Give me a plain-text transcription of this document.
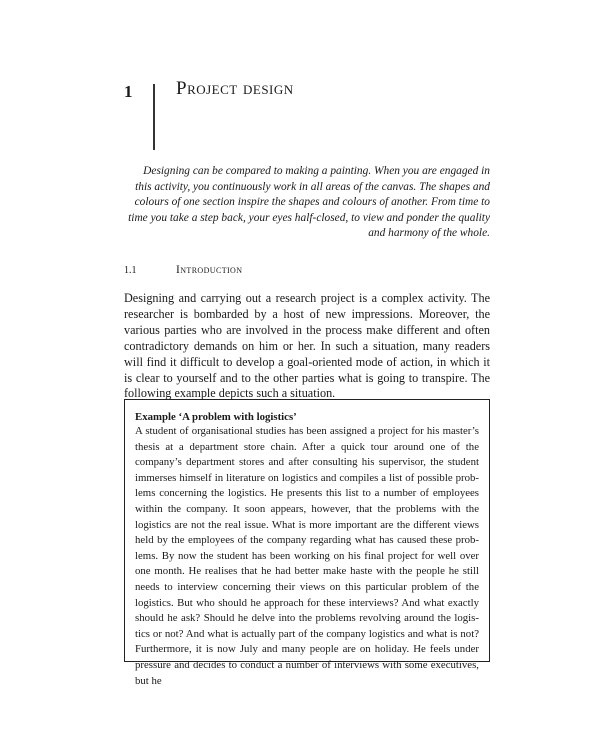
1 Project design
Designing can be compared to making a painting. When you are engaged in this activity, you continuously work in all areas of the canvas. The shapes and colours of one section inspire the shapes and colours of another. From time to time you take a step back, your eyes half-closed, to view and ponder the quality and harmony of the whole.
1.1	Introduction
Designing and carrying out a research project is a complex activity. The researcher is bombarded by a host of new impressions. Moreover, the various parties who are involved in the process make different and often contradictory demands on him or her. In such a situation, many readers will find it difficult to develop a goal-oriented mode of action, in which it is clear to yourself and to the other parties what is going to transpire. The following example depicts such a situation.
Example ‘A problem with logistics’
A student of organisational studies has been assigned a project for his master’s thesis at a department store chain. After a quick tour around one of the company’s department stores and after consulting his supervisor, the student immerses himself in literature on logistics and compiles a list of possible problems concerning the logistics. He presents this list to a number of employees within the company. It soon appears, however, that the problems with the logistics are not the real issue. What is more important are the different views held by the employees of the company regarding what has caused these problems. By now the student has been working on his final project for well over one month. He realises that he had better make haste with the people he still needs to interview concerning their views on this particular problem of the logistics. But who should he approach for these interviews? And what exactly should he ask? Should he delve into the problems revolving around the logistics or not? And what is actually part of the company logistics and what is not? Furthermore, it is now July and many people are on holiday. He feels under pressure and decides to conduct a number of interviews with some executives, but he
